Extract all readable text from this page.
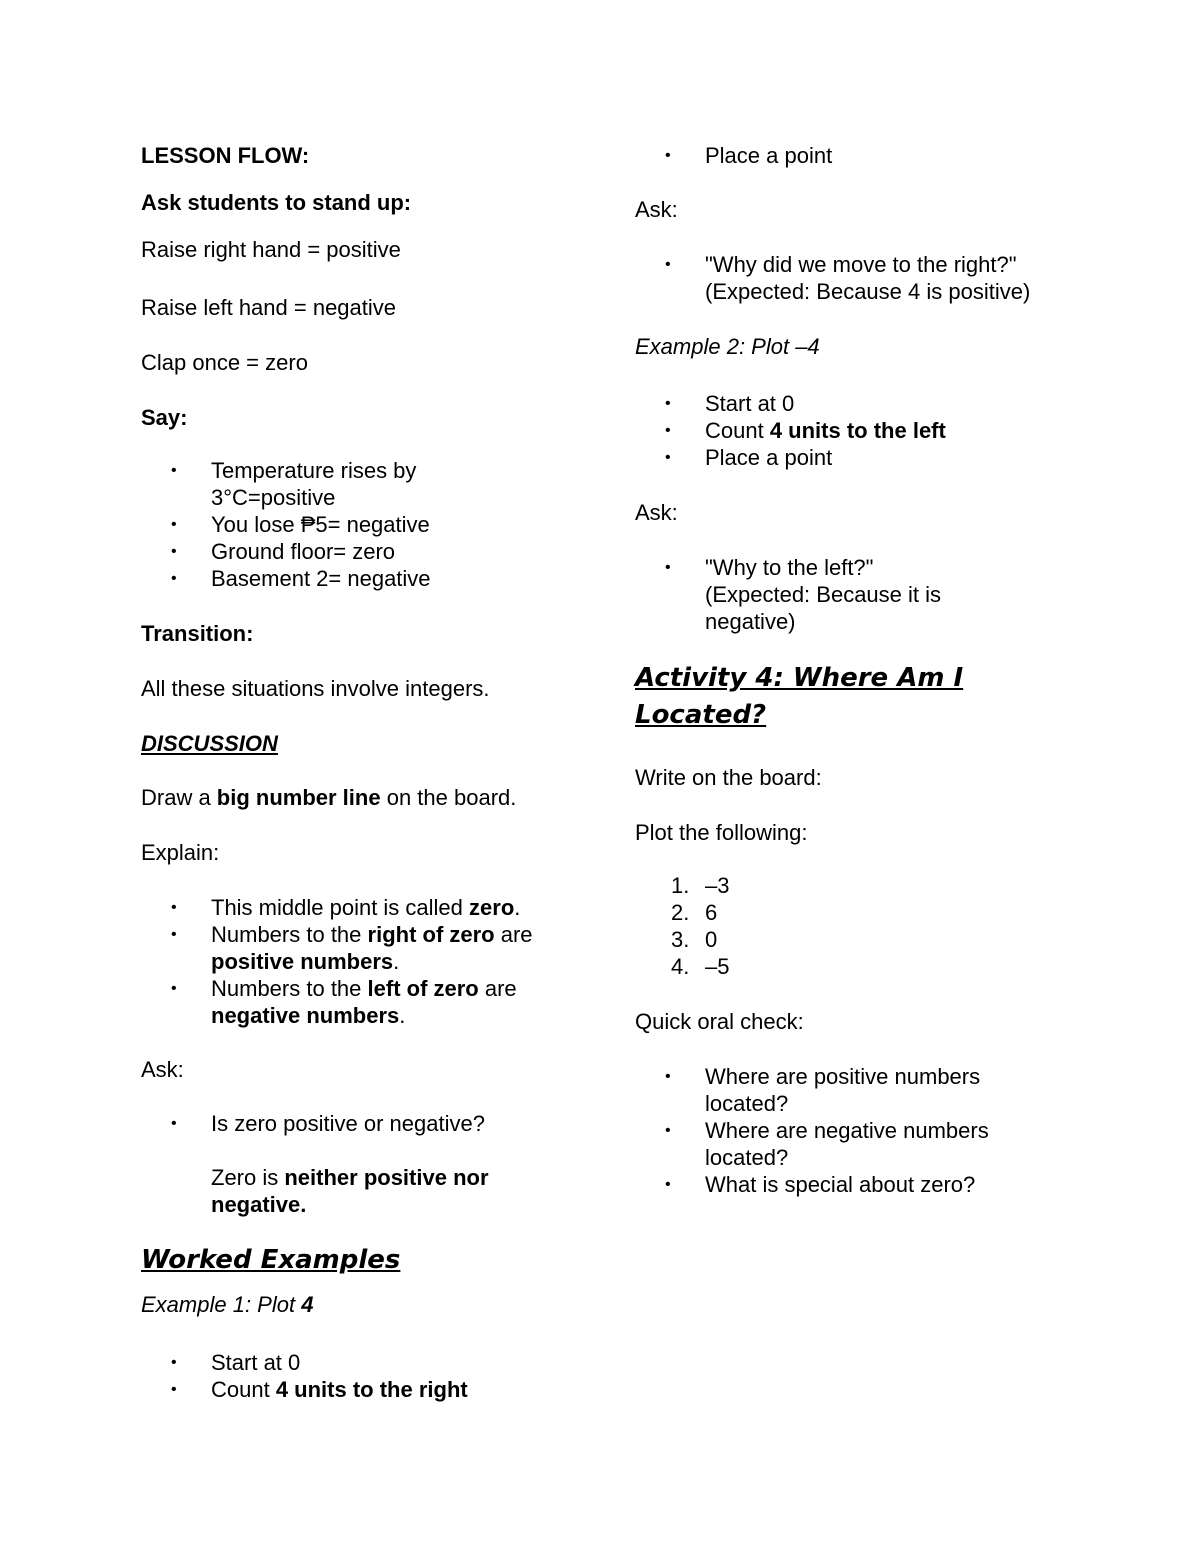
LESSON FLOW:
Ask students to stand up:
Raise right hand = positive
Raise left hand = negative
Clap once = zero
Say:
• Temperature rises by
3°C=positive
• You lose ₱5= negative
• Ground floor= zero
• Basement 2= negative
Transition:
All these situations involve integers.
DISCUSSION
Draw a big number line on the board.
Explain:
• This middle point is called zero.
• Numbers to the right of zero are
positive numbers.
• Numbers to the left of zero are
negative numbers.
Ask:
• Is zero positive or negative?
Zero is neither positive nor
negative.
Worked Examples
Example 1: Plot 4
• Start at 0
• Count 4 units to the right
• Place a point
Ask:
• "Why did we move to the right?"
(Expected: Because 4 is positive)
Example 2: Plot –4
• Start at 0
• Count 4 units to the left
• Place a point
Ask:
• "Why to the left?"
(Expected: Because it is
negative)
Activity 4: Where Am I
Located?
Write on the board:
Plot the following:
1. –3
2. 6
3. 0
4. –5
Quick oral check:
• Where are positive numbers
located?
• Where are negative numbers
located?
• What is special about zero?
